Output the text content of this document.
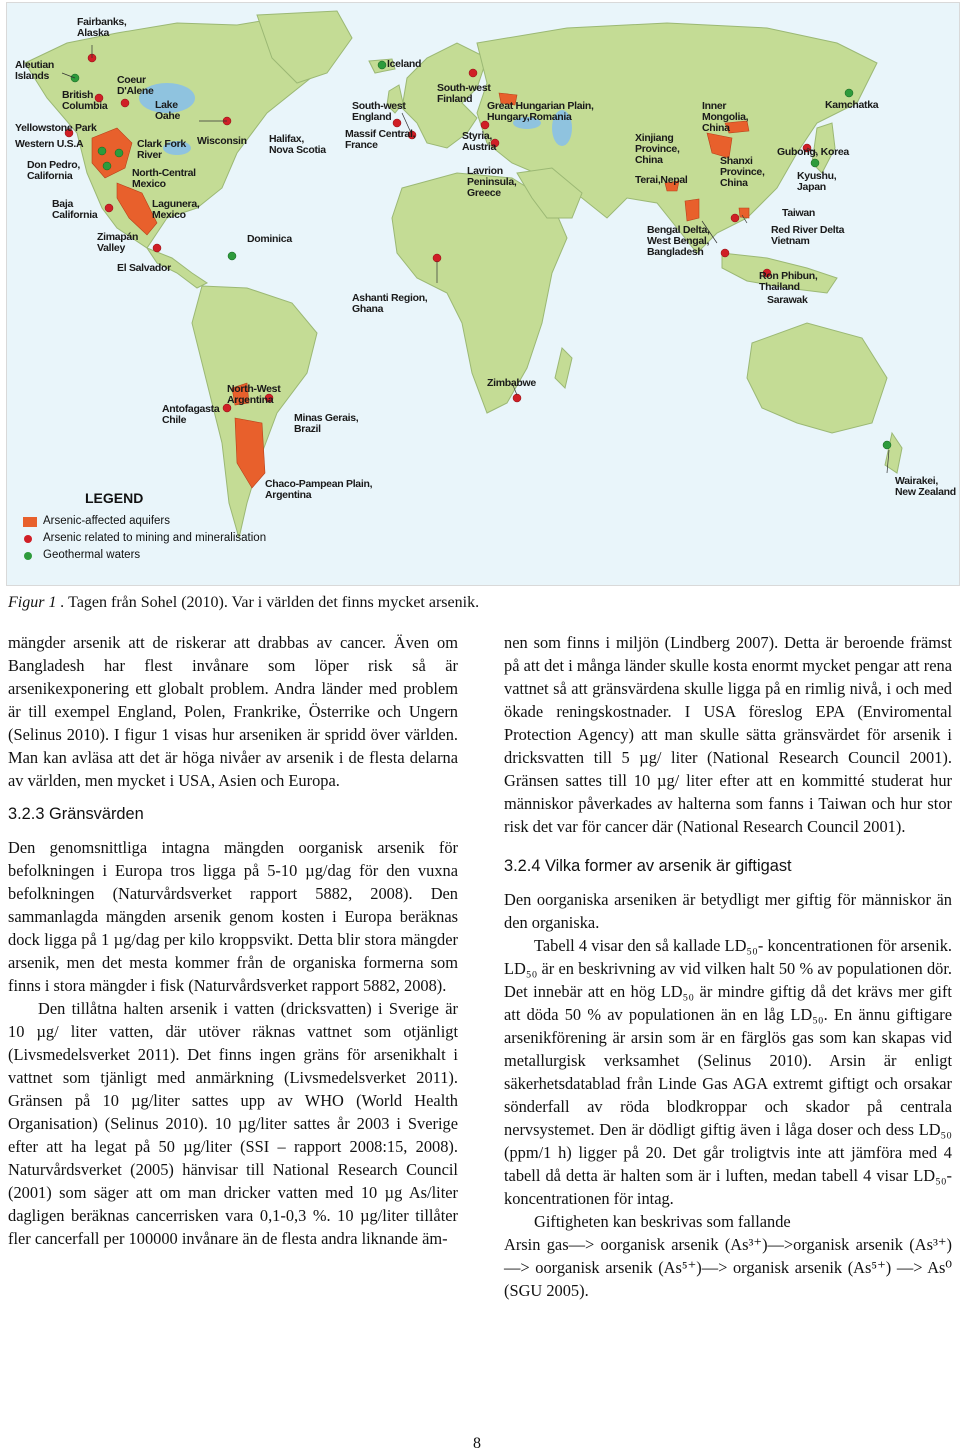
Fairbanks,
Alaska
Aleutian
Islands
British
Columbia
Coeur
D'Alene
Lake
Oahe
Yellowstone Park
Western U.S.A	Clark Fork
River
Wisconsin Halifax,
Nova Scotia
Don Pedro,
California	North-Central
Mexico
Baja
California
Lagunera,
Mexico
Zimapán
Valley
Dominica
El Salvador
Iceland
South-west
England
Massif Central,
France
South-west
Finland
Great Hungarian Plain,
Hungary,Romania
Styria,
Austria
Lavrion
Peninsula,
Greece
Inner
Mongolia,
China
Kamchatka
Xinjiang
Province,
China
Gubong, Korea
Shanxi
Province,
China
Kyushu,
Japan
Terai,Nepal
Taiwan
Bengal Delta,
West Bengal,
Bangladesh
Red River Delta
Vietnam
Ron Phibun,
Thailand
Sarawak
Ashanti Region,
Ghana
Zimbabwe
North-West
Argentina
Antofagasta
Chile	Minas Gerais,
Brazil
Chaco-Pampean Plain,
Argentina
Wairakei,
New Zealand
LEGEND
Arsenic-affected aquifers
Arsenic related to mining and mineralisation
Geothermal waters
Figur 1 . Tagen från Sohel (2010). Var i världen det finns mycket arsenik.

mängder arsenik att de riskerar att drabbas av cancer. Även om Bangladesh har flest invånare som löper risk så är arsenikexponering ett globalt problem. Andra länder med problem är till exempel England, Polen, Frankrike, Österrike och Ungern (Selinus 2010). I figur 1 visas hur arseniken är spridd över världen. Man kan avläsa att det är höga nivåer av arsenik i de flesta delarna av världen, men mycket i USA, Asien och Europa.

3.2.3 Gränsvärden

Den genomsnittliga intagna mängden oorganisk arsenik för befolkningen i Europa tros ligga på 5-10 µg/dag för den vuxna befolkningen (Naturvårdsverket rapport 5882, 2008). Den sammanlagda mängden arsenik genom kosten i Europa beräknas dock ligga på 1 µg/dag per kilo kroppsvikt. Detta blir stora mängder arsenik, men det mesta kommer från de organiska formerna som finns i stora mängder i fisk (Naturvårdsverket rapport 5882, 2008).

Den tillåtna halten arsenik i vatten (dricksvatten) i Sverige är 10 µg/ liter vatten, där utöver räknas vattnet som otjänligt (Livsmedelsverket 2011). Det finns ingen gräns för arsenikhalt i vattnet som tjänligt med anmärkning (Livsmedelsverket 2011). Gränsen på 10 µg/liter sattes upp av WHO (World Health Organisation) (Selinus 2010). 10 µg/liter sattes år 2003 i Sverige efter att ha legat på 50 µg/liter (SSI – rapport 2008:15, 2008). Naturvårdsverket (2005) hänvisar till National Research Council (2001) som säger att om man dricker vatten med 10 µg As/liter dagligen beräknas cancerrisken vara 0,1-0,3 %. 10 µg/liter tillåter fler cancerfall per 100000 invånare än de flesta andra liknande äm-

nen som finns i miljön (Lindberg 2007). Detta är beroende främst på att det i många länder skulle kosta enormt mycket pengar att rena vattnet så att gränsvärdena skulle ligga på en rimlig nivå, i och med ökade reningskostnader. I USA föreslog EPA (Enviromental Protection Agency) att man skulle sätta gränsvärdet för arsenik i dricksvatten till 5 µg/ liter (National Research Council 2001). Gränsen sattes till 10 µg/ liter efter att en kommitté studerat hur människor påverkades av halterna som fanns i Taiwan och hur stor risk det var för cancer där (National Research Council 2001).

3.2.4 Vilka former av arsenik är giftigast

Den oorganiska arseniken är betydligt mer giftig för människor än den organiska.

Tabell 4 visar den så kallade LD₅₀- koncentrationen för arsenik. LD₅₀ är en beskrivning av vid vilken halt 50 % av populationen dör. Det innebär att en hög LD₅₀ är mindre giftig då det krävs mer gift att döda 50 % av populationen än en låg LD₅₀. En ännu giftigare arsenikförening är arsin som är en färglös gas som kan skapas vid metallurgisk verksamhet (Selinus 2010). Arsin är enligt säkerhetsdatablad från Linde Gas AGA extremt giftigt och orsakar sönderfall av röda blodkroppar och skador på centrala nervsystemet. Den är dödligt giftig även i låga doser och dess LD₅₀ (ppm/1 h) ligger på 20. Det går troligtvis inte att jämföra med 4 tabell då detta är halten som är i luften, medan tabell 4 visar LD₅₀- koncentrationen för intag.

Giftigheten kan beskrivas som fallande

Arsin gas—> oorganisk arsenik (As³⁺)—>organisk arsenik (As³⁺)—> oorganisk arsenik (As⁵⁺)—> organisk arsenik (As⁵⁺) —> As⁰ (SGU 2005).

8
